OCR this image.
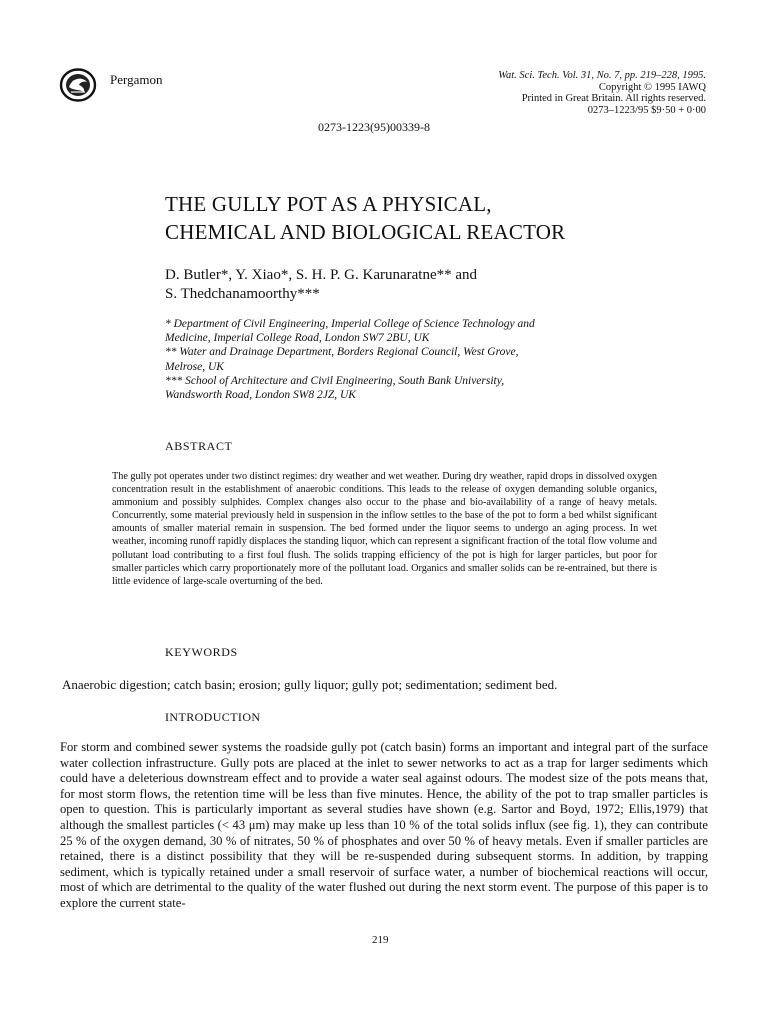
Pergamon	Wat. Sci. Tech. Vol. 31, No. 7, pp. 219–228, 1995.
Copyright © 1995 IAWQ
Printed in Great Britain. All rights reserved.
0273–1223/95 $9·50 + 0·00
0273-1223(95)00339-8
THE GULLY POT AS A PHYSICAL,
CHEMICAL AND BIOLOGICAL REACTOR
D. Butler*, Y. Xiao*, S. H. P. G. Karunaratne** and
S. Thedchanamoorthy***
* Department of Civil Engineering, Imperial College of Science Technology and
Medicine, Imperial College Road, London SW7 2BU, UK
** Water and Drainage Department, Borders Regional Council, West Grove,
Melrose, UK
*** School of Architecture and Civil Engineering, South Bank University,
Wandsworth Road, London SW8 2JZ, UK
ABSTRACT
The gully pot operates under two distinct regimes: dry weather and wet weather. During dry weather, rapid drops in dissolved oxygen concentration result in the establishment of anaerobic conditions. This leads to the release of oxygen demanding soluble organics, ammonium and possibly sulphides. Complex changes also occur to the phase and bio-availability of a range of heavy metals. Concurrently, some material previously held in suspension in the inflow settles to the base of the pot to form a bed whilst significant amounts of smaller material remain in suspension. The bed formed under the liquor seems to undergo an aging process. In wet weather, incoming runoff rapidly displaces the standing liquor, which can represent a significant fraction of the total flow volume and pollutant load contributing to a first foul flush. The solids trapping efficiency of the pot is high for larger particles, but poor for smaller particles which carry proportionately more of the pollutant load. Organics and smaller solids can be re-entrained, but there is little evidence of large-scale overturning of the bed.
KEYWORDS
Anaerobic digestion; catch basin; erosion; gully liquor; gully pot; sedimentation; sediment bed.
INTRODUCTION
For storm and combined sewer systems the roadside gully pot (catch basin) forms an important and integral part of the surface water collection infrastructure. Gully pots are placed at the inlet to sewer networks to act as a trap for larger sediments which could have a deleterious downstream effect and to provide a water seal against odours. The modest size of the pots means that, for most storm flows, the retention time will be less than five minutes. Hence, the ability of the pot to trap smaller particles is open to question. This is particularly important as several studies have shown (e.g. Sartor and Boyd, 1972; Ellis,1979) that although the smallest particles (< 43 μm) may make up less than 10 % of the total solids influx (see fig. 1), they can contribute 25 % of the oxygen demand, 30 % of nitrates, 50 % of phosphates and over 50 % of heavy metals. Even if smaller particles are retained, there is a distinct possibility that they will be re-suspended during subsequent storms. In addition, by trapping sediment, which is typically retained under a small reservoir of surface water, a number of biochemical reactions will occur, most of which are detrimental to the quality of the water flushed out during the next storm event. The purpose of this paper is to explore the current state-
219
